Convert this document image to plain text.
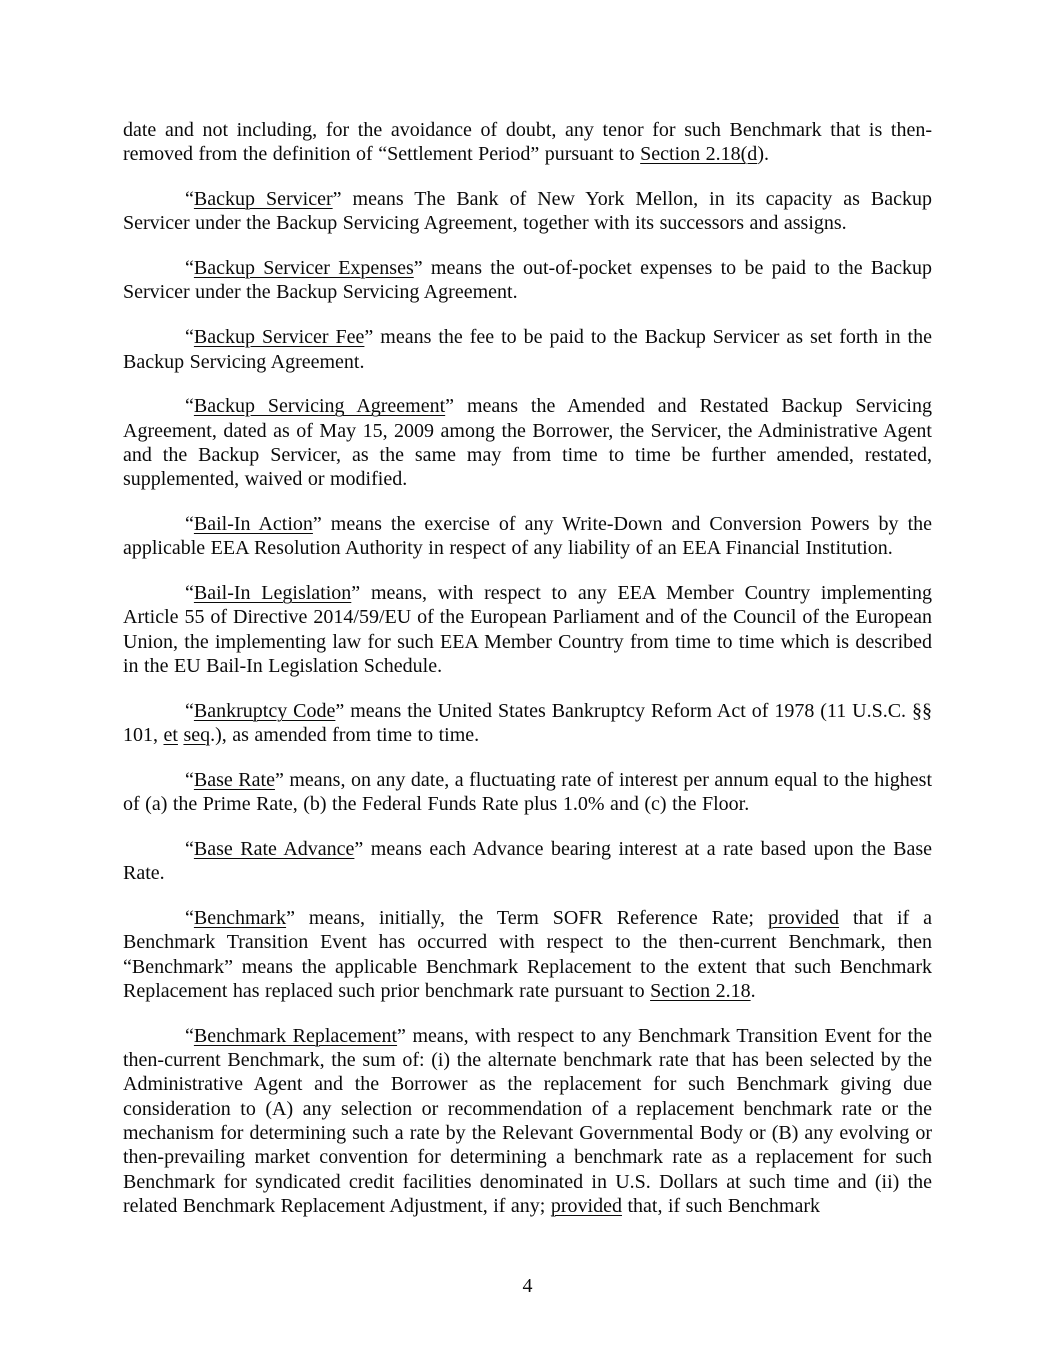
date and not including, for the avoidance of doubt, any tenor for such Benchmark that is then-removed from the definition of “Settlement Period” pursuant to Section 2.18(d).

“Backup Servicer” means The Bank of New York Mellon, in its capacity as Backup Servicer under the Backup Servicing Agreement, together with its successors and assigns.

“Backup Servicer Expenses” means the out-of-pocket expenses to be paid to the Backup Servicer under the Backup Servicing Agreement.

“Backup Servicer Fee” means the fee to be paid to the Backup Servicer as set forth in the Backup Servicing Agreement.

“Backup Servicing Agreement” means the Amended and Restated Backup Servicing Agreement, dated as of May 15, 2009 among the Borrower, the Servicer, the Administrative Agent and the Backup Servicer, as the same may from time to time be further amended, restated, supplemented, waived or modified.

“Bail-In Action” means the exercise of any Write-Down and Conversion Powers by the applicable EEA Resolution Authority in respect of any liability of an EEA Financial Institution.

“Bail-In Legislation” means, with respect to any EEA Member Country implementing Article 55 of Directive 2014/59/EU of the European Parliament and of the Council of the European Union, the implementing law for such EEA Member Country from time to time which is described in the EU Bail-In Legislation Schedule.

“Bankruptcy Code” means the United States Bankruptcy Reform Act of 1978 (11 U.S.C. §§ 101, et seq.), as amended from time to time.

“Base Rate” means, on any date, a fluctuating rate of interest per annum equal to the highest of (a) the Prime Rate, (b) the Federal Funds Rate plus 1.0% and (c) the Floor.

“Base Rate Advance” means each Advance bearing interest at a rate based upon the Base Rate.

“Benchmark” means, initially, the Term SOFR Reference Rate; provided that if a Benchmark Transition Event has occurred with respect to the then-current Benchmark, then “Benchmark” means the applicable Benchmark Replacement to the extent that such Benchmark Replacement has replaced such prior benchmark rate pursuant to Section 2.18.

“Benchmark Replacement” means, with respect to any Benchmark Transition Event for the then-current Benchmark, the sum of: (i) the alternate benchmark rate that has been selected by the Administrative Agent and the Borrower as the replacement for such Benchmark giving due consideration to (A) any selection or recommendation of a replacement benchmark rate or the mechanism for determining such a rate by the Relevant Governmental Body or (B) any evolving or then-prevailing market convention for determining a benchmark rate as a replacement for such Benchmark for syndicated credit facilities denominated in U.S. Dollars at such time and (ii) the related Benchmark Replacement Adjustment, if any; provided that, if such Benchmark

4
